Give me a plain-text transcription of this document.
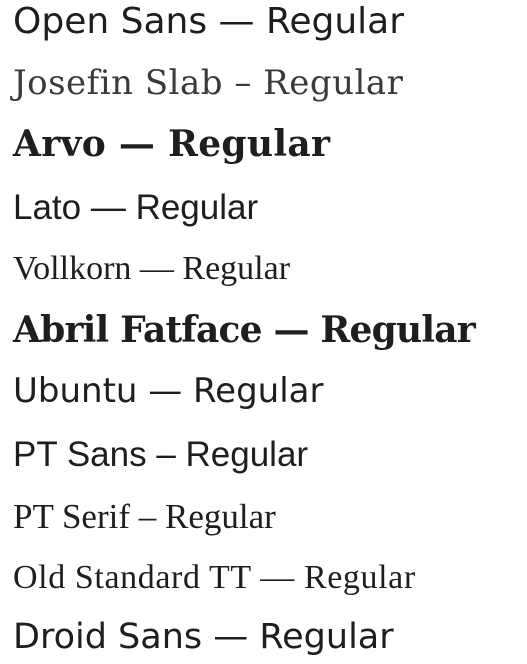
Open Sans — Regular
Josefin Slab – Regular
Arvo — Regular
Lato — Regular
Vollkorn — Regular
Abril Fatface — Regular
Ubuntu — Regular
PT Sans – Regular
PT Serif – Regular
Old Standard TT — Regular
Droid Sans — Regular
